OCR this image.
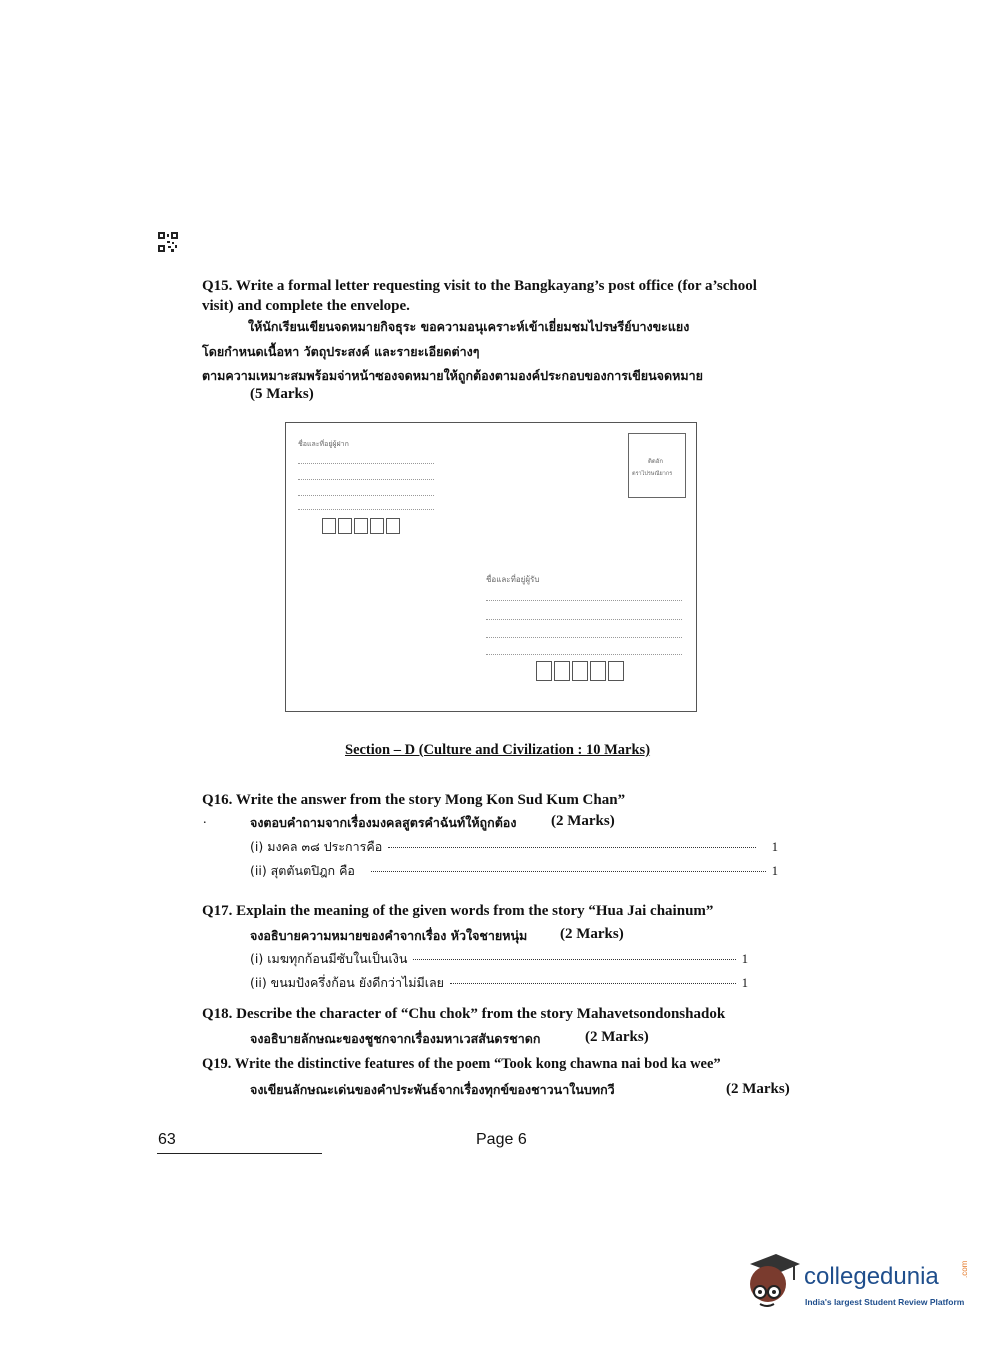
Q15. Write a formal letter requesting visit to the Bangkayang’s post office (for a’school
visit) and complete the envelope.
ให้นักเรียนเขียนจดหมายกิจธุระ ขอความอนุเคราะห์เข้าเยี่ยมชมไปรษรีย์บางขะแยง
โดยกำหนดเนื้อหา วัตถุประสงค์ และรายะเอียดต่างๆ
ตามความเหมาะสมพร้อมจ่าหน้าซองจดหมายให้ถูกต้องตามองค์ประกอบของการเขียนจดหมาย
(5 Marks)
ชื่อและที่อยู่ผู้ฝาก
ติดอัก
ตราไปรษณียากร
ชื่อและที่อยู่ผู้รับ
Section – D (Culture and Civilization : 10 Marks)
Q16. Write the answer from the story Mong Kon Sud Kum Chan”
.	จงตอบคำถามจากเรื่องมงคลสูตรคำฉันท์ให้ถูกต้อง (2 Marks)
(i) มงคล ๓๘ ประการคือ	1
(ii) สุตตันตปิฎก คือ	1
Q17. Explain the meaning of the given words from the story “Hua Jai chainum”
จงอธิบายความหมายของคำจากเรื่อง หัวใจชายหนุ่ม (2 Marks)
(i) เมฆทุกก้อนมีซับในเป็นเงิน	1
(ii) ขนมปังครึ่งก้อน ยังดีกว่าไม่มีเลย	1
Q18. Describe the character of “Chu chok” from the story Mahavetsondonshadok
จงอธิบายลักษณะของชูชกจากเรื่องมหาเวสสันดรชาดก	(2 Marks)
Q19. Write the distinctive features of the poem “Took kong chawna nai bod ka wee”
จงเขียนลักษณะเด่นของคำประพันธ์จากเรื่องทุกข์ของชาวนาในบทกวี	(2 Marks)
63	Page 6
collegedunia	.com
India's largest Student Review Platform
